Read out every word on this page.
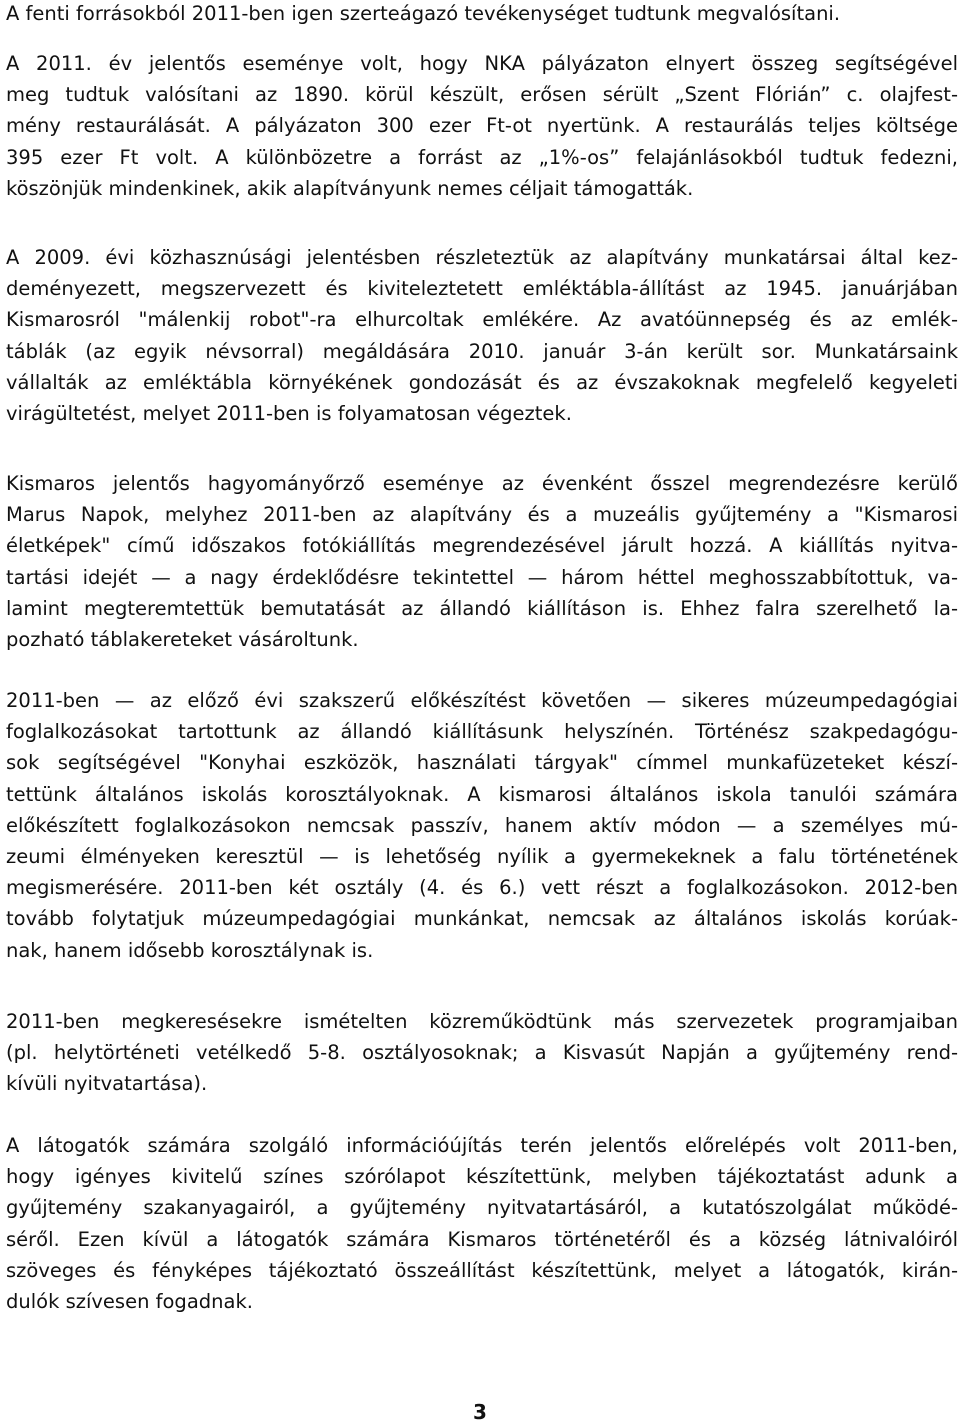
A fenti forrásokból 2011-ben igen szerteágazó tevékenységet tudtunk megvalósítani.
A 2011. év jelentős eseménye volt, hogy NKA pályázaton elnyert összeg segítségével
meg tudtuk valósítani az 1890. körül készült, erősen sérült „Szent Flórián” c. olajfest-
mény restaurálását. A pályázaton 300 ezer Ft-ot nyertünk. A restaurálás teljes költsége
395 ezer Ft volt. A különbözetre a forrást az „1%-os” felajánlásokból tudtuk fedezni,
köszönjük mindenkinek, akik alapítványunk nemes céljait támogatták.
A 2009. évi közhasznúsági jelentésben részleteztük az alapítvány munkatársai által kez-
deményezett, megszervezett és kiviteleztetett emléktábla-állítást az 1945. januárjában
Kismarosról "málenkij robot"-ra elhurcoltak emlékére. Az avatóünnepség és az emlék-
táblák (az egyik névsorral) megáldására 2010. január 3-án került sor. Munkatársaink
vállalták az emléktábla környékének gondozását és az évszakoknak megfelelő kegyeleti
virágültetést, melyet 2011-ben is folyamatosan végeztek.
Kismaros jelentős hagyományőrző eseménye az évenként ősszel megrendezésre kerülő
Marus Napok, melyhez 2011-ben az alapítvány és a muzeális gyűjtemény a "Kismarosi
életképek" című időszakos fotókiállítás megrendezésével járult hozzá. A kiállítás nyitva-
tartási idejét — a nagy érdeklődésre tekintettel — három héttel meghosszabbítottuk, va-
lamint megteremtettük bemutatását az állandó kiállításon is. Ehhez falra szerelhető la-
pozható táblakereteket vásároltunk.
2011-ben — az előző évi szakszerű előkészítést követően — sikeres múzeumpedagógiai
foglalkozásokat tartottunk az állandó kiállításunk helyszínén. Történész szakpedagógu-
sok segítségével "Konyhai eszközök, használati tárgyak" címmel munkafüzeteket készí-
tettünk általános iskolás korosztályoknak. A kismarosi általános iskola tanulói számára
előkészített foglalkozásokon nemcsak passzív, hanem aktív módon — a személyes mú-
zeumi élményeken keresztül — is lehetőség nyílik a gyermekeknek a falu történetének
megismerésére. 2011-ben két osztály (4. és 6.) vett részt a foglalkozásokon. 2012-ben
tovább folytatjuk múzeumpedagógiai munkánkat, nemcsak az általános iskolás korúak-
nak, hanem idősebb korosztálynak is.
2011-ben megkeresésekre ismételten közreműködtünk más szervezetek programjaiban
(pl. helytörténeti vetélkedő 5-8. osztályosoknak; a Kisvasút Napján a gyűjtemény rend-
kívüli nyitvatartása).
A látogatók számára szolgáló információújítás terén jelentős előrelépés volt 2011-ben,
hogy igényes kivitelű színes szórólapot készítettünk, melyben tájékoztatást adunk a
gyűjtemény szakanyagairól, a gyűjtemény nyitvatartásáról, a kutatószolgálat működé-
séről. Ezen kívül a látogatók számára Kismaros történetéről és a község látnivalóiról
szöveges és fényképes tájékoztató összeállítást készítettünk, melyet a látogatók, kirán-
dulók szívesen fogadnak.
3
